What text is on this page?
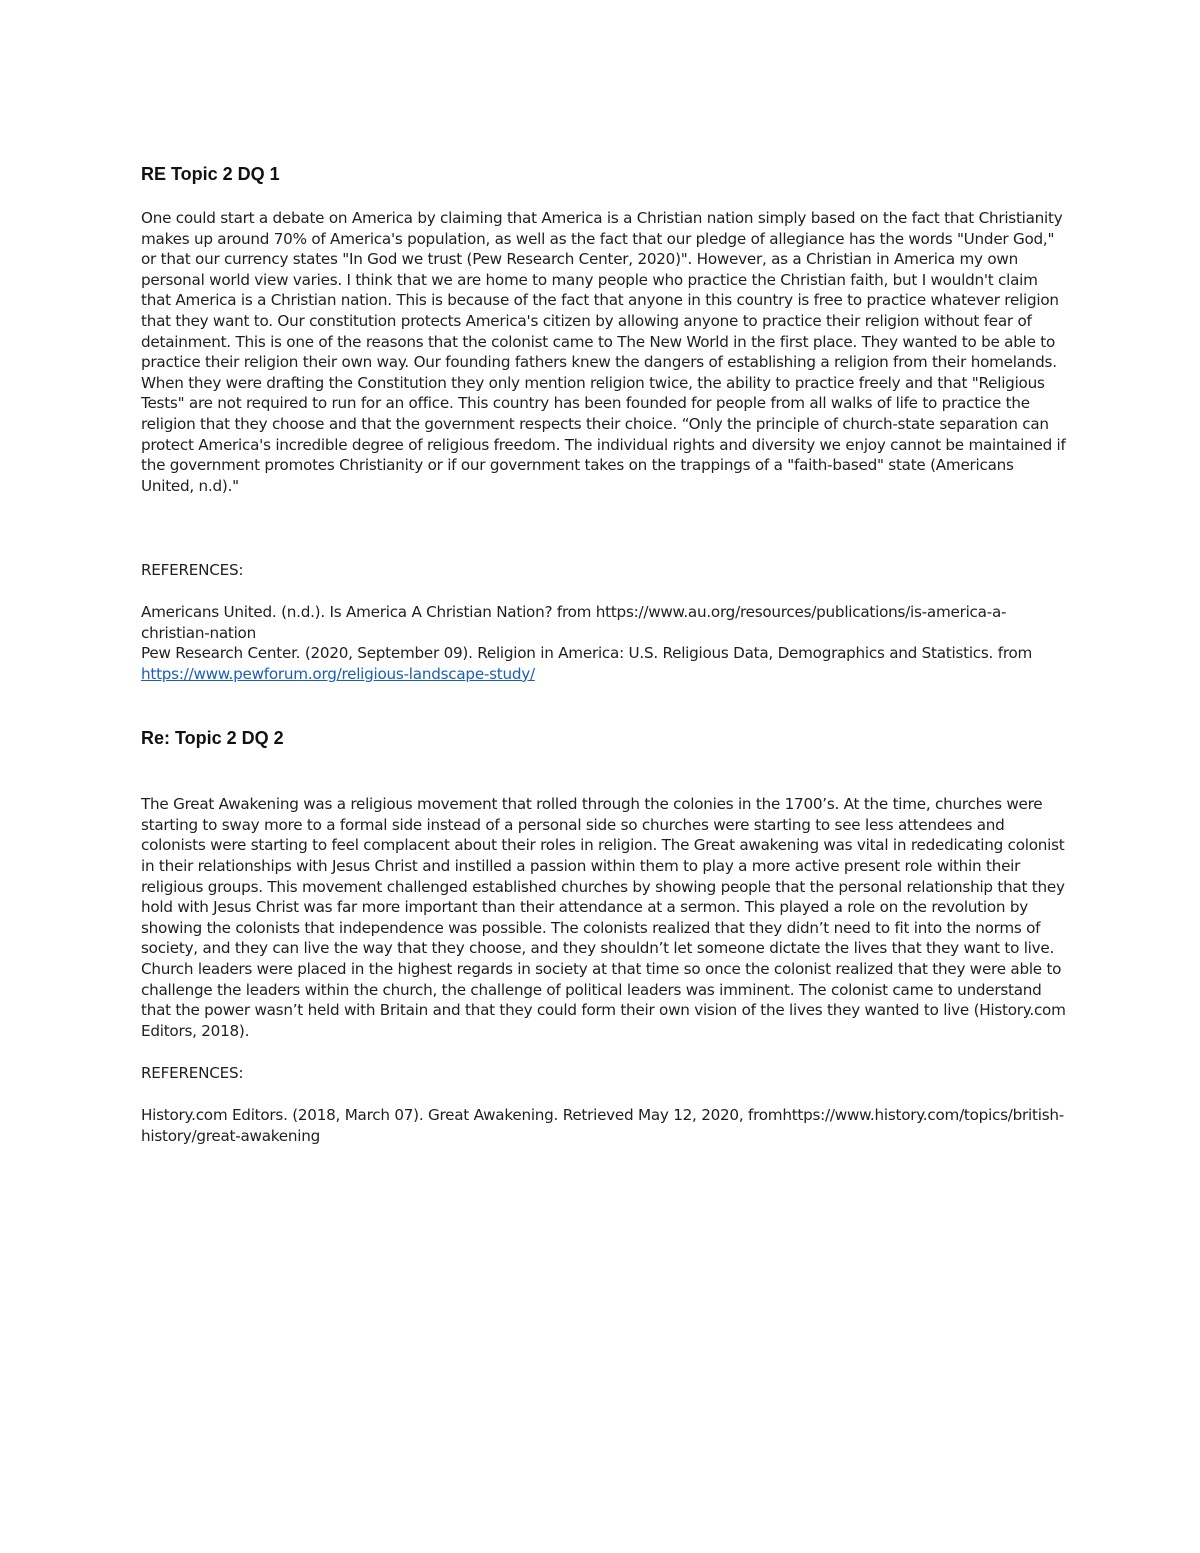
RE Topic 2 DQ 1

One could start a debate on America by claiming that America is a Christian nation simply based on the fact that Christianity makes up around 70% of America's population, as well as the fact that our pledge of allegiance has the words "Under God," or that our currency states "In God we trust (Pew Research Center, 2020)". However, as a Christian in America my own personal world view varies. I think that we are home to many people who practice the Christian faith, but I wouldn't claim that America is a Christian nation. This is because of the fact that anyone in this country is free to practice whatever religion that they want to. Our constitution protects America's citizen by allowing anyone to practice their religion without fear of detainment. This is one of the reasons that the colonist came to The New World in the first place. They wanted to be able to practice their religion their own way. Our founding fathers knew the dangers of establishing a religion from their homelands. When they were drafting the Constitution they only mention religion twice, the ability to practice freely and that "Religious Tests" are not required to run for an office. This country has been founded for people from all walks of life to practice the religion that they choose and that the government respects their choice. “Only the principle of church-state separation can protect America's incredible degree of religious freedom. The individual rights and diversity we enjoy cannot be maintained if the government promotes Christianity or if our government takes on the trappings of a "faith-based" state (Americans United, n.d)."

REFERENCES:

Americans United. (n.d.). Is America A Christian Nation? from https://www.au.org/resources/publications/is-america-a-christian-nation

Pew Research Center. (2020, September 09). Religion in America: U.S. Religious Data, Demographics and Statistics. from https://www.pewforum.org/religious-landscape-study/

Re: Topic 2 DQ 2

The Great Awakening was a religious movement that rolled through the colonies in the 1700’s. At the time, churches were starting to sway more to a formal side instead of a personal side so churches were starting to see less attendees and colonists were starting to feel complacent about their roles in religion. The Great awakening was vital in rededicating colonist in their relationships with Jesus Christ and instilled a passion within them to play a more active present role within their religious groups. This movement challenged established churches by showing people that the personal relationship that they hold with Jesus Christ was far more important than their attendance at a sermon. This played a role on the revolution by showing the colonists that independence was possible. The colonists realized that they didn’t need to fit into the norms of society, and they can live the way that they choose, and they shouldn’t let someone dictate the lives that they want to live. Church leaders were placed in the highest regards in society at that time so once the colonist realized that they were able to challenge the leaders within the church, the challenge of political leaders was imminent. The colonist came to understand that the power wasn’t held with Britain and that they could form their own vision of the lives they wanted to live (History.com Editors, 2018).

REFERENCES:

History.com Editors. (2018, March 07). Great Awakening. Retrieved May 12, 2020, fromhttps://www.history.com/topics/british-history/great-awakening
